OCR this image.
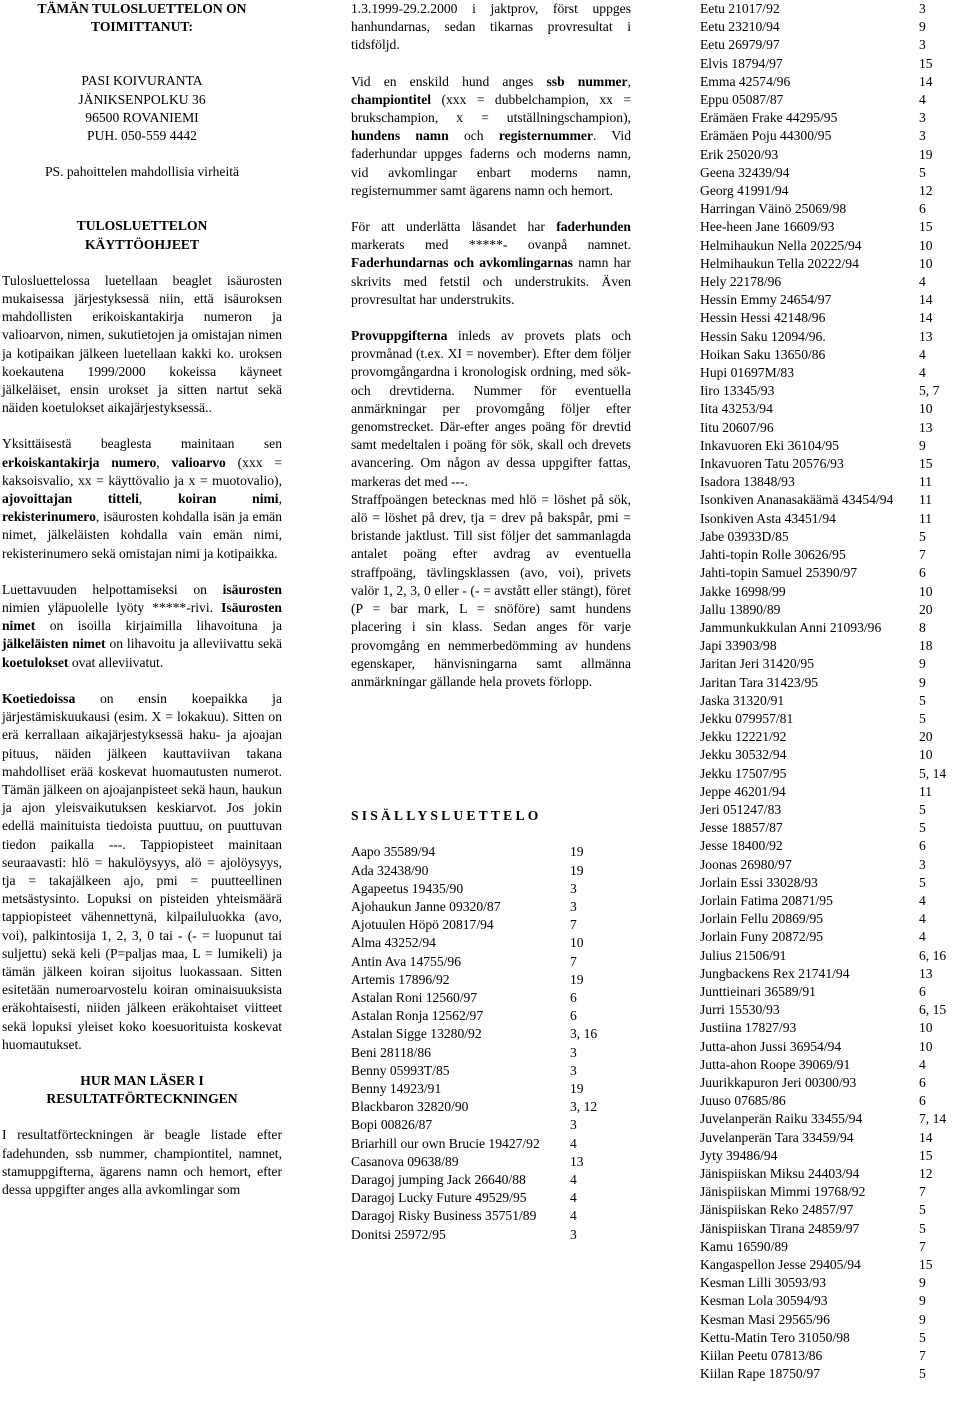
TÄMÄN TULOSLUETTELON ON

TOIMITTANUT:

PASI KOIVURANTA

JÄNIKSENPOLKU 36

96500 ROVANIEMI

PUH. 050-559 4442

PS. pahoittelen mahdollisia virheitä

TULOSLUETTELON

KÄYTTÖOHJEET

Tulosluettelossa luetellaan beaglet isäurosten mukaisessa järjestyksessä niin, että isäuroksen mahdollisten erikoiskantakirja numeron ja valioarvon, nimen, sukutietojen ja omistajan nimen ja kotipaikan jälkeen luetellaan kakki ko. uroksen koekautena 1999/2000 kokeissa käyneet jälkeläiset, ensin urokset ja sitten nartut sekä näiden koetulokset aikajärjestyksessä..

Yksittäisestä beaglesta mainitaan sen erkoiskantakirja numero, valioarvo (xxx = kaksoisvalio, xx = käyttövalio ja x = muotovalio), ajovoittajan titteli, koiran nimi, rekisterinumero, isäurosten kohdalla isän ja emän nimet, jälkeläisten kohdalla vain emän nimi, rekisterinumero sekä omistajan nimi ja kotipaikka.

Luettavuuden helpottamiseksi on isäurosten nimien yläpuolelle lyöty *****-rivi. Isäurosten nimet on isoilla kirjaimilla lihavoituna ja jälkeläisten nimet on lihavoitu ja alleviivattu sekä koetulokset ovat alleviivatut.

Koetiedoissa on ensin koepaikka ja järjestämiskuukausi (esim. X = lokakuu). Sitten on erä kerrallaan aikajärjestyksessä haku- ja ajoajan pituus, näiden jälkeen kauttaviivan takana mahdolliset erää koskevat huomautusten numerot. Tämän jälkeen on ajoajanpisteet sekä haun, haukun ja ajon yleisvaikutuksen keskiarvot. Jos jokin edellä mainituista tiedoista puuttuu, on puuttuvan tiedon paikalla ---. Tappiopisteet mainitaan seuraavasti: hlö = hakulöysyys, alö = ajolöysyys, tja = takajälkeen ajo, pmi = puutteellinen metsästysinto. Lopuksi on pisteiden yhteismäärä tappiopisteet vähennettynä, kilpailuluokka (avo, voi), palkintosija 1, 2, 3, 0 tai - (- = luopunut tai suljettu) sekä keli (P=paljas maa, L = lumikeli) ja tämän jälkeen koiran sijoitus luokassaan. Sitten esitetään numeroarvostelu koiran ominaisuuksista eräkohtaisesti, niiden jälkeen eräkohtaiset viitteet sekä lopuksi yleiset koko koesuorituista koskevat huomautukset.

HUR MAN LÄSER I

RESULTATFÖRTECKNINGEN

I resultatförteckningen är beagle listade efter fadehunden, ssb nummer, championtitel, namnet, stamuppgifterna, ägarens namn och hemort, efter dessa uppgifter anges alla avkomlingar som

1.3.1999-29.2.2000 i jaktprov, först uppges hanhundarnas, sedan tikarnas provresultat i tidsföljd.

Vid en enskild hund anges ssb nummer, championtitel (xxx = dubbelchampion, xx = brukschampion, x = utställningschampion), hundens namn och registernummer. Vid faderhundar uppges faderns och moderns namn, vid avkomlingar enbart moderns namn, registernummer samt ägarens namn och hemort.

För att underlätta läsandet har faderhunden markerats med *****- ovanpå namnet. Faderhundarnas och avkomlingarnas namn har skrivits med fetstil och understrukits. Även provresultat har understrukits.

Provuppgifterna inleds av provets plats och provmånad (t.ex. XI = november). Efter dem följer provomgångardna i kronologisk ordning, med sök- och drevtiderna. Nummer för eventuella anmärkningar per provomgång följer efter genomstrecket. Där-efter anges poäng för drevtid samt medeltalen i poäng för sök, skall och drevets avancering. Om någon av dessa uppgifter fattas, markeras det med ---.

Straffpoängen betecknas med hlö = löshet på sök, alö = löshet på drev, tja = drev på bakspår, pmi = bristande jaktlust. Till sist följer det sammanlagda antalet poäng efter avdrag av eventuella straffpoäng, tävlingsklassen (avo, voi), privets valör 1, 2, 3, 0 eller - (- = avstått eller stängt), föret (P = bar mark, L = snöföre) samt hundens placering i sin klass. Sedan anges för varje provomgång en nemmerbedömming av hundens egenskaper, hänvisningarna samt allmänna anmärkningar gällande hela provets förlopp.

SISÄLLYSLUETTELO

Aapo 35589/94	19
Ada 32438/90	19
Agapeetus 19435/90	3
Ajohaukun Janne 09320/87	3
Ajotuulen Höpö 20817/94	7
Alma 43252/94	10
Antin Ava 14755/96	7
Artemis 17896/92	19
Astalan Roni 12560/97	6
Astalan Ronja 12562/97	6
Astalan Sigge 13280/92	3, 16
Beni 28118/86	3
Benny 05993T/85	3
Benny 14923/91	19
Blackbaron 32820/90	3, 12
Bopi 00826/87	3
Briarhill our own Brucie 19427/92	4
Casanova 09638/89	13
Daragoj jumping Jack 26640/88	4
Daragoj Lucky Future 49529/95	4
Daragoj Risky Business 35751/89	4
Donitsi 25972/95	3
Eetu 21017/92	3
Eetu 23210/94	9
Eetu 26979/97	3
Elvis 18794/97	15
Emma 42574/96	14
Eppu 05087/87	4
Erämäen Frake 44295/95	3
Erämäen Poju 44300/95	3
Erik 25020/93	19
Geena 32439/94	5
Georg 41991/94	12
Harringan Väinö 25069/98	6
Hee-heen Jane 16609/93	15
Helmihaukun Nella 20225/94	10
Helmihaukun Tella 20222/94	10
Hely 22178/96	4
Hessin Emmy 24654/97	14
Hessin Hessi 42148/96	14
Hessin Saku 12094/96.	13
Hoikan Saku 13650/86	4
Hupi 01697M/83	4
Iiro 13345/93	5, 7
Iita 43253/94	10
Iitu 20607/96	13
Inkavuoren Eki 36104/95	9
Inkavuoren Tatu 20576/93	15
Isadora 13848/93	11
Isonkiven Ananasakäämä 43454/94	11
Isonkiven Asta 43451/94	11
Jabe 03933D/85	5
Jahti-topin Rolle 30626/95	7
Jahti-topin Samuel 25390/97	6
Jakke 16998/99	10
Jallu 13890/89	20
Jammunkukkulan Anni 21093/96	8
Japi 33903/98	18
Jaritan Jeri 31420/95	9
Jaritan Tara 31423/95	9
Jaska 31320/91	5
Jekku 079957/81	5
Jekku 12221/92	20
Jekku 30532/94	10
Jekku 17507/95	5, 14
Jeppe 46201/94	11
Jeri 051247/83	5
Jesse 18857/87	5
Jesse 18400/92	6
Joonas 26980/97	3
Jorlain Essi 33028/93	5
Jorlain Fatima 20871/95	4
Jorlain Fellu 20869/95	4
Jorlain Funy 20872/95	4
Julius 21506/91	6, 16
Jungbackens Rex 21741/94	13
Junttieinari 36589/91	6
Jurri 15530/93	6, 15
Justiina 17827/93	10
Jutta-ahon Jussi 36954/94	10
Jutta-ahon Roope 39069/91	4
Juurikkapuron Jeri 00300/93	6
Juuso 07685/86	6
Juvelanperän Raiku 33455/94	7, 14
Juvelanperän Tara 33459/94	14
Jyty 39486/94	15
Jänispiiskan Miksu 24403/94	12
Jänispiiskan Mimmi 19768/92	7
Jänispiiskan Reko 24857/97	5
Jänispiiskan Tirana 24859/97	5
Kamu 16590/89	7
Kangaspellon Jesse 29405/94	15
Kesman Lilli 30593/93	9
Kesman Lola 30594/93	9
Kesman Masi 29565/96	9
Kettu-Matin Tero 31050/98	5
Kiilan Peetu 07813/86	7
Kiilan Rape 18750/97	5
